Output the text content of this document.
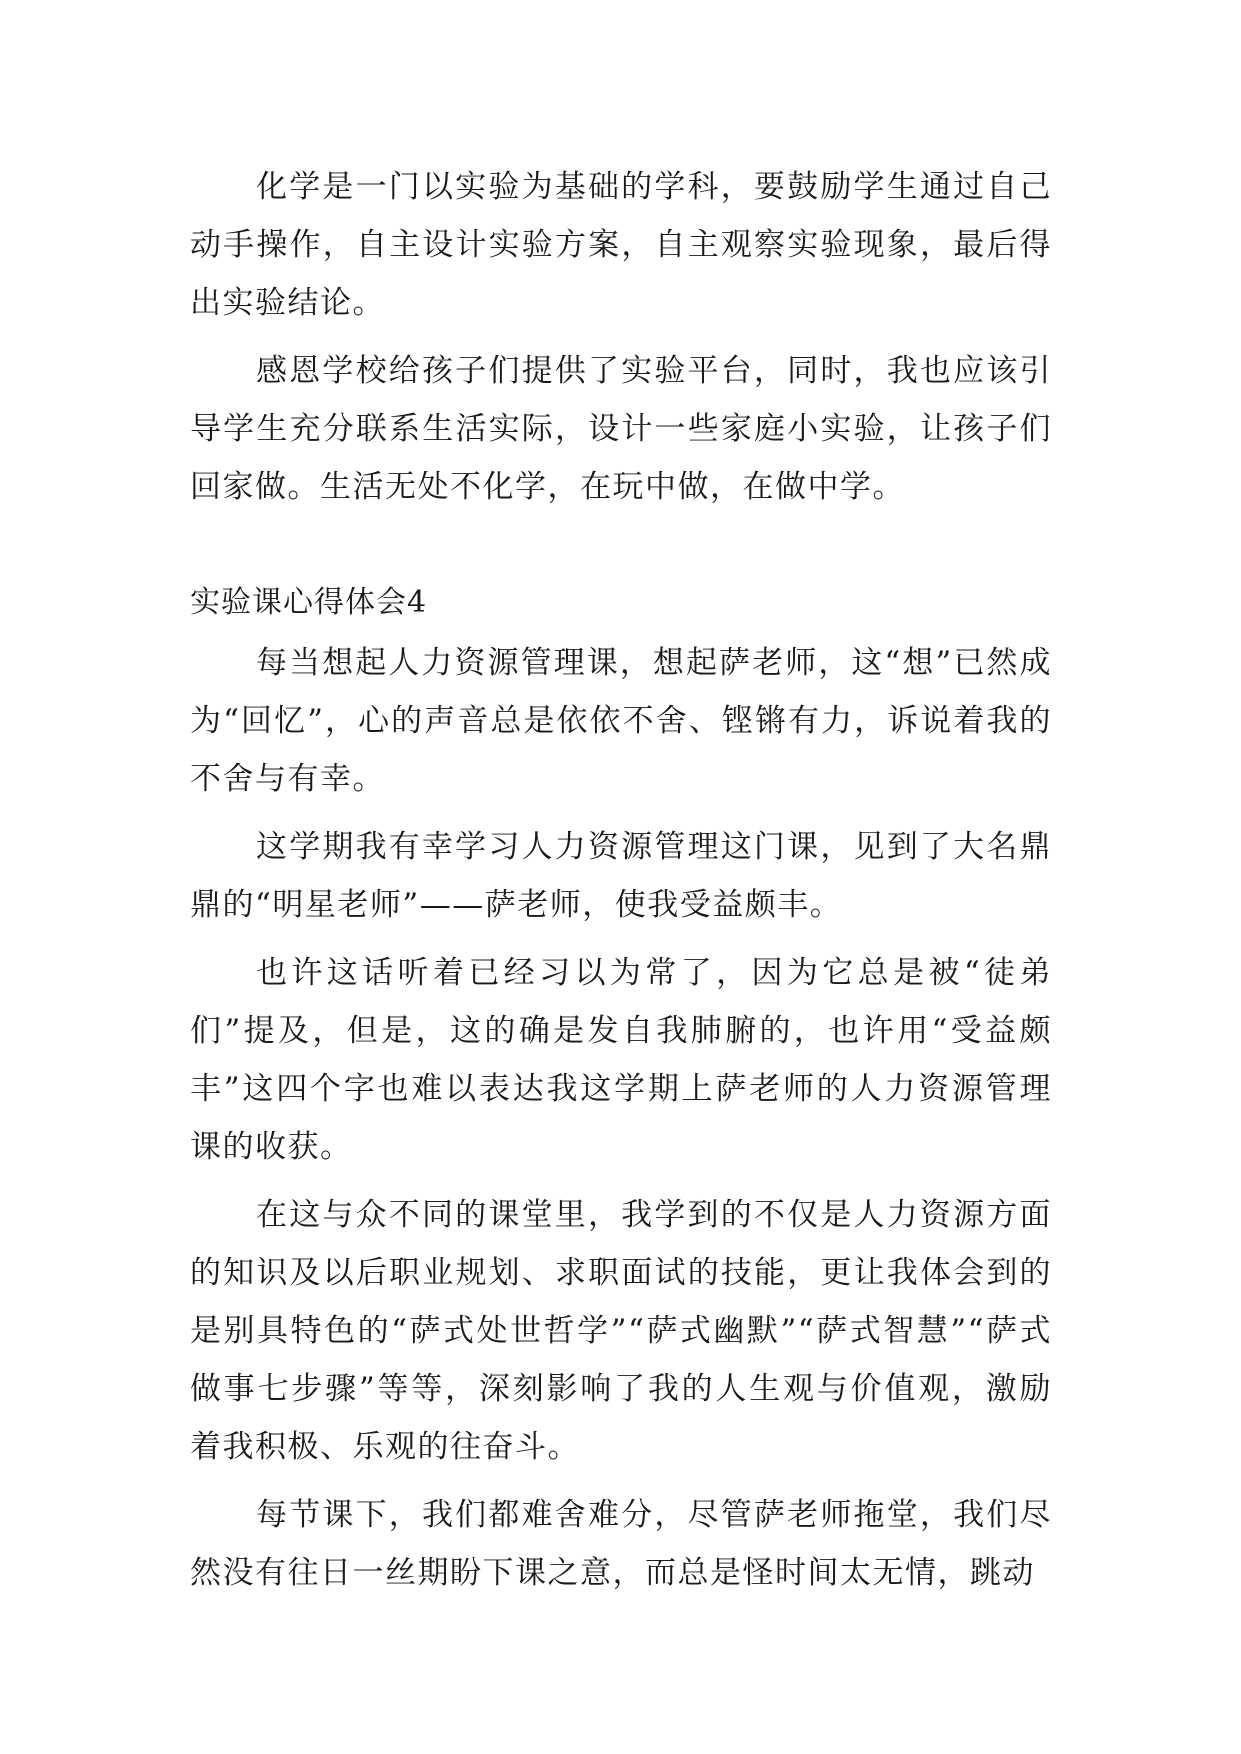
化学是一门以实验为基础的学科，要鼓励学生通过自己动手操作，自主设计实验方案，自主观察实验现象，最后得出实验结论。

感恩学校给孩子们提供了实验平台，同时，我也应该引导学生充分联系生活实际，设计一些家庭小实验，让孩子们回家做。生活无处不化学，在玩中做，在做中学。

实验课心得体会4

每当想起人力资源管理课，想起萨老师，这“想”已然成为“回忆”，心的声音总是依依不舍、铿锵有力，诉说着我的不舍与有幸。

这学期我有幸学习人力资源管理这门课，见到了大名鼎鼎的“明星老师”——萨老师，使我受益颇丰。

也许这话听着已经习以为常了，因为它总是被“徒弟们”提及，但是，这的确是发自我肺腑的，也许用“受益颇丰”这四个字也难以表达我这学期上萨老师的人力资源管理课的收获。

在这与众不同的课堂里，我学到的不仅是人力资源方面的知识及以后职业规划、求职面试的技能，更让我体会到的是别具特色的“萨式处世哲学”“萨式幽默”“萨式智慧”“萨式做事七步骤”等等，深刻影响了我的人生观与价值观，激励着我积极、乐观的往奋斗。

每节课下，我们都难舍难分，尽管萨老师拖堂，我们尽然没有往日一丝期盼下课之意，而总是怪时间太无情，跳动
